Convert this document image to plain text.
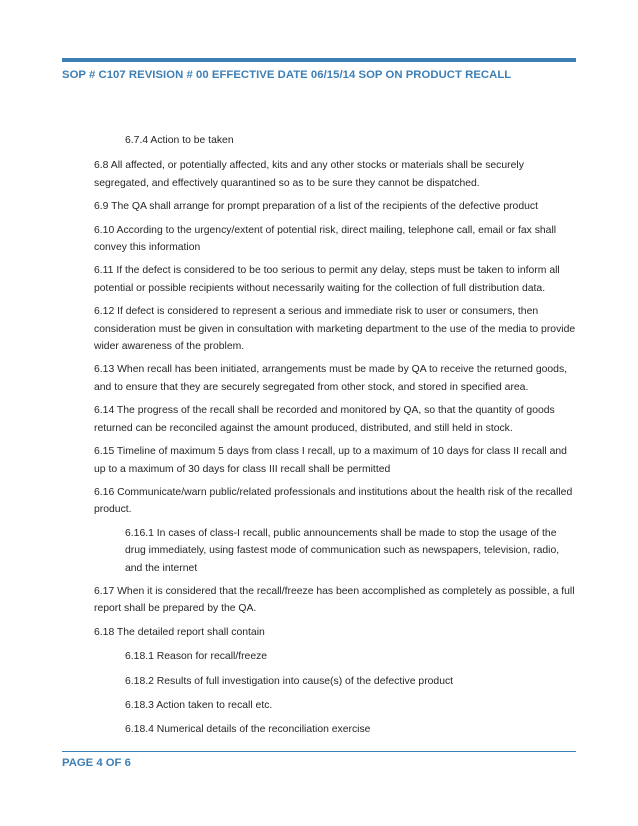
SOP # C107 REVISION # 00 EFFECTIVE DATE 06/15/14 SOP ON PRODUCT RECALL

6.7.4 Action to be taken

6.8 All affected, or potentially affected, kits and any other stocks or materials shall be securely segregated, and effectively quarantined so as to be sure they cannot be dispatched.

6.9 The QA shall arrange for prompt preparation of a list of the recipients of the defective product

6.10 According to the urgency/extent of potential risk, direct mailing, telephone call, email or fax shall convey this information

6.11 If the defect is considered to be too serious to permit any delay, steps must be taken to inform all potential or possible recipients without necessarily waiting for the collection of full distribution data.

6.12 If defect is considered to represent a serious and immediate risk to user or consumers, then consideration must be given in consultation with marketing department to the use of the media to provide wider awareness of the problem.

6.13 When recall has been initiated, arrangements must be made by QA to receive the returned goods, and to ensure that they are securely segregated from other stock, and stored in specified area.

6.14 The progress of the recall shall be recorded and monitored by QA, so that the quantity of goods returned can be reconciled against the amount produced, distributed, and still held in stock.

6.15 Timeline of maximum 5 days from class I recall, up to a maximum of 10 days for class II recall and up to a maximum of 30 days for class III recall shall be permitted

6.16 Communicate/warn public/related professionals and institutions about the health risk of the recalled product.

6.16.1 In cases of class-I recall, public announcements shall be made to stop the usage of the drug immediately, using fastest mode of communication such as newspapers, television, radio, and the internet

6.17 When it is considered that the recall/freeze has been accomplished as completely as possible, a full report shall be prepared by the QA.

6.18 The detailed report shall contain

6.18.1 Reason for recall/freeze

6.18.2 Results of full investigation into cause(s) of the defective product

6.18.3 Action taken to recall etc.

6.18.4 Numerical details of the reconciliation exercise

PAGE 4 OF 6
